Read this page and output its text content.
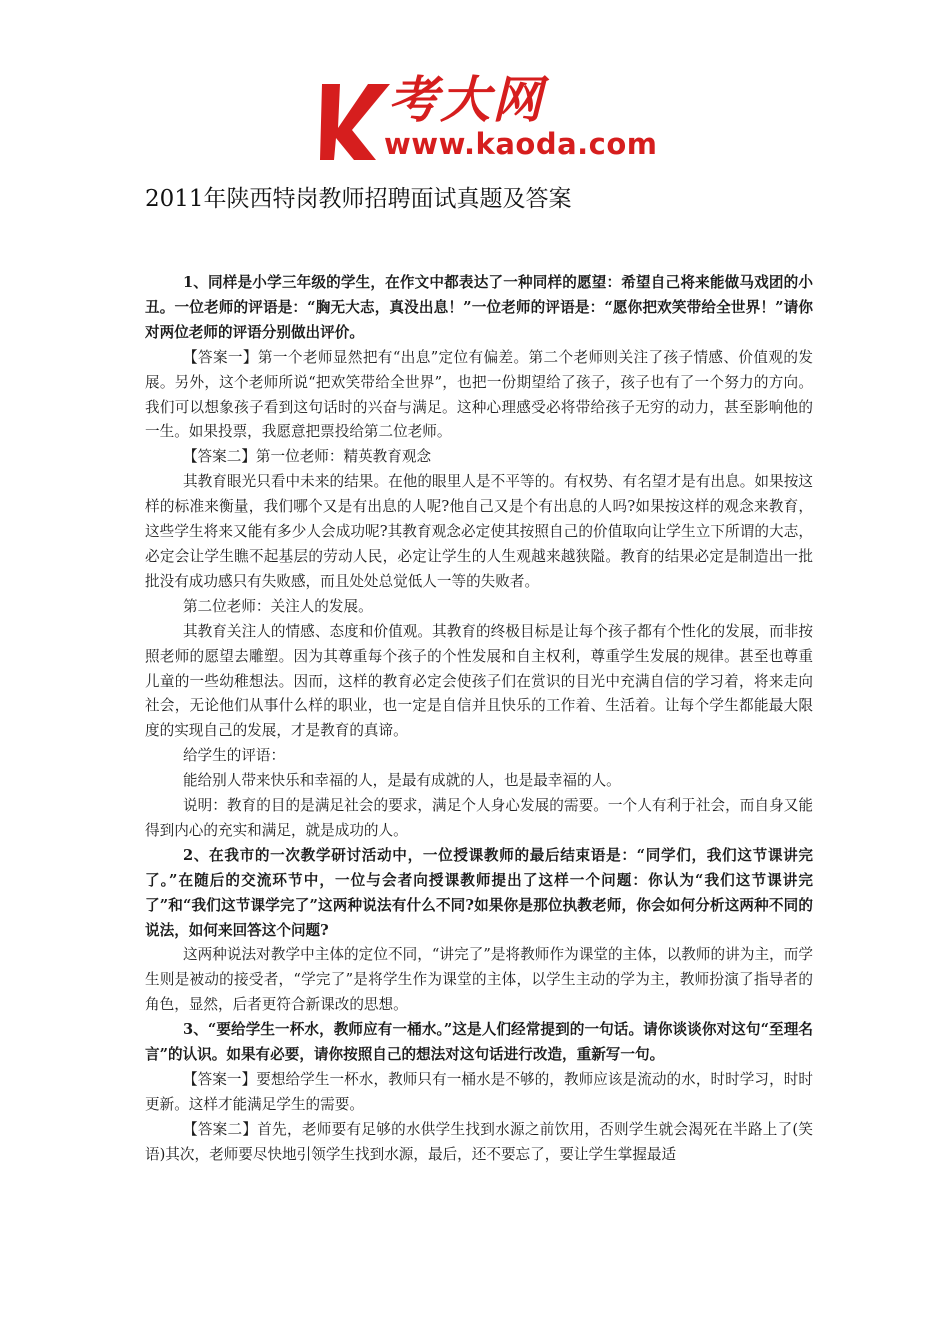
考大网
www.kaoda.com
2011年陕西特岗教师招聘面试真题及答案

1、同样是小学三年级的学生，在作文中都表达了一种同样的愿望：希望自己将来能做马戏团的小丑。一位老师的评语是：“胸无大志，真没出息！”一位老师的评语是：“愿你把欢笑带给全世界！”请你对两位老师的评语分别做出评价。

【答案一】第一个老师显然把有“出息”定位有偏差。第二个老师则关注了孩子情感、价值观的发展。另外，这个老师所说“把欢笑带给全世界”，也把一份期望给了孩子，孩子也有了一个努力的方向。我们可以想象孩子看到这句话时的兴奋与满足。这种心理感受必将带给孩子无穷的动力，甚至影响他的一生。如果投票，我愿意把票投给第二位老师。

【答案二】第一位老师：精英教育观念

其教育眼光只看中未来的结果。在他的眼里人是不平等的。有权势、有名望才是有出息。如果按这样的标准来衡量，我们哪个又是有出息的人呢?他自己又是个有出息的人吗?如果按这样的观念来教育，这些学生将来又能有多少人会成功呢?其教育观念必定使其按照自己的价值取向让学生立下所谓的大志，必定会让学生瞧不起基层的劳动人民，必定让学生的人生观越来越狭隘。教育的结果必定是制造出一批批没有成功感只有失败感，而且处处总觉低人一等的失败者。

第二位老师：关注人的发展。

其教育关注人的情感、态度和价值观。其教育的终极目标是让每个孩子都有个性化的发展，而非按照老师的愿望去雕塑。因为其尊重每个孩子的个性发展和自主权利，尊重学生发展的规律。甚至也尊重儿童的一些幼稚想法。因而，这样的教育必定会使孩子们在赏识的目光中充满自信的学习着，将来走向社会，无论他们从事什么样的职业，也一定是自信并且快乐的工作着、生活着。让每个学生都能最大限度的实现自己的发展，才是教育的真谛。

给学生的评语：

能给别人带来快乐和幸福的人，是最有成就的人，也是最幸福的人。

说明：教育的目的是满足社会的要求，满足个人身心发展的需要。一个人有利于社会，而自身又能得到内心的充实和满足，就是成功的人。

2、在我市的一次教学研讨活动中，一位授课教师的最后结束语是：“同学们，我们这节课讲完了。”在随后的交流环节中，一位与会者向授课教师提出了这样一个问题：你认为“我们这节课讲完了”和“我们这节课学完了”这两种说法有什么不同?如果你是那位执教老师，你会如何分析这两种不同的说法，如何来回答这个问题?

这两种说法对教学中主体的定位不同，“讲完了”是将教师作为课堂的主体，以教师的讲为主，而学生则是被动的接受者，“学完了”是将学生作为课堂的主体，以学生主动的学为主，教师扮演了指导者的角色，显然，后者更符合新课改的思想。

3、“要给学生一杯水，教师应有一桶水。”这是人们经常提到的一句话。请你谈谈你对这句“至理名言”的认识。如果有必要，请你按照自己的想法对这句话进行改造，重新写一句。

【答案一】要想给学生一杯水，教师只有一桶水是不够的，教师应该是流动的水，时时学习，时时更新。这样才能满足学生的需要。

【答案二】首先，老师要有足够的水供学生找到水源之前饮用，否则学生就会渴死在半路上了(笑语)其次，老师要尽快地引领学生找到水源，最后，还不要忘了，要让学生掌握最适
